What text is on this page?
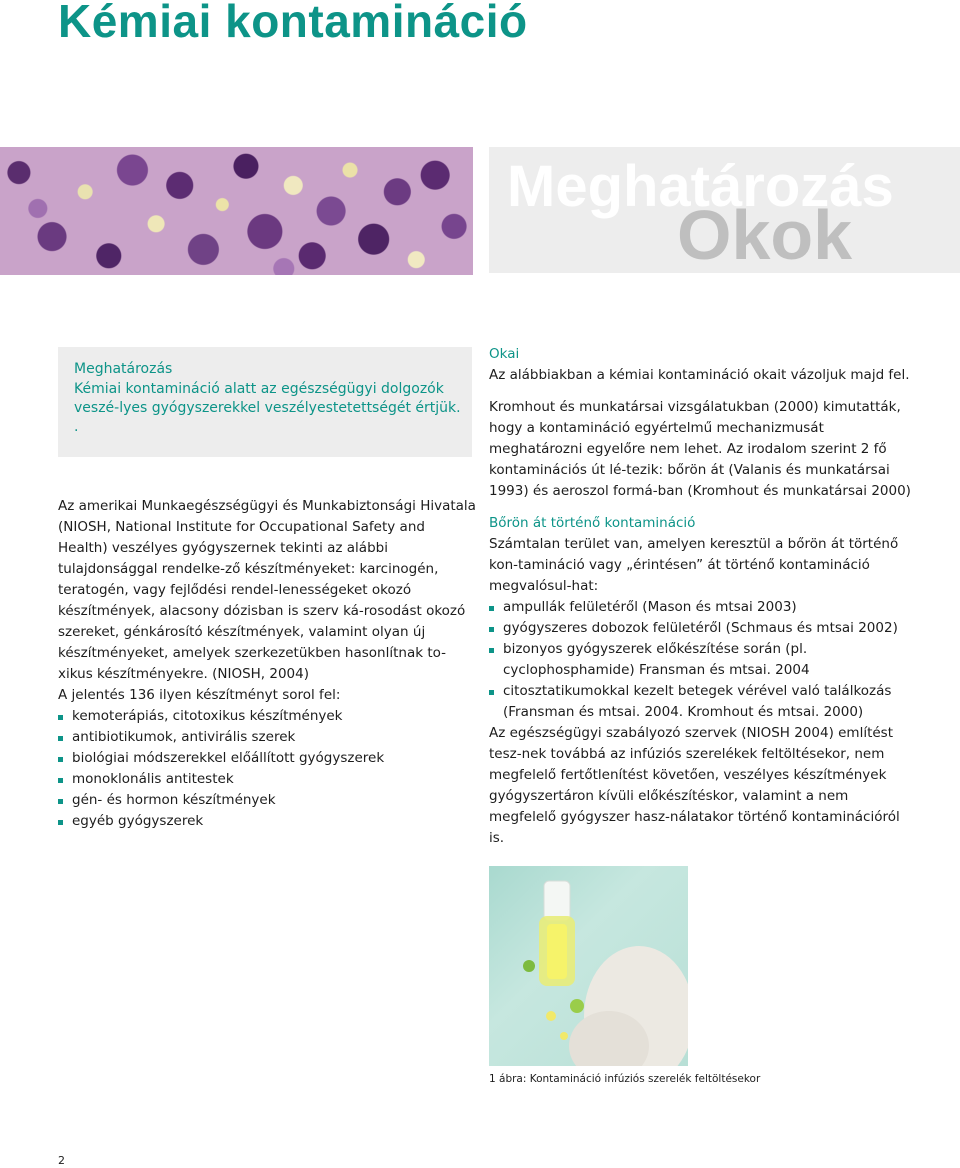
Kémiai kontamináció
Meghatározás
Okok
Meghatározás
Kémiai kontamináció alatt az egészségügyi dolgozók veszé-lyes gyógyszerekkel veszélyestetettségét értjük.
.

Az amerikai Munkaegészségügyi és Munkabiztonsági Hivatala (NIOSH, National Institute for Occupational Safety and Health) veszélyes gyógyszernek tekinti az alábbi tulajdonsággal rendelke-ző készítményeket: karcinogén, teratogén, vagy fejlődési rendel-lenességeket okozó készítmények, alacsony dózisban is szerv ká-rosodást okozó szereket, génkárosító készítmények, valamint olyan új készítményeket, amelyek szerkezetükben hasonlítnak to-xikus készítményekre. (NIOSH, 2004)

A jelentés 136 ilyen készítményt sorol fel:

kemoterápiás, citotoxikus készítmények
antibiotikumok, antivirális szerek
biológiai módszerekkel előállított gyógyszerek
monoklonális antitestek
gén- és hormon készítmények
egyéb gyógyszerek

Okai

Az alábbiakban a kémiai kontamináció okait vázoljuk majd fel.

Kromhout és munkatársai vizsgálatukban (2000) kimutatták, hogy a kontamináció egyértelmű mechanizmusát meghatározni egyelőre nem lehet. Az irodalom szerint 2 fő kontaminációs út lé-tezik: bőrön át (Valanis és munkatársai 1993) és aeroszol formá-ban (Kromhout és munkatársai 2000)

Bőrön át történő kontamináció

Számtalan terület van, amelyen keresztül a bőrön át történő kon-tamináció vagy „érintésen” át történő kontamináció megvalósul-hat:

ampullák felületéről (Mason és mtsai 2003)
gyógyszeres dobozok felületéről (Schmaus és mtsai 2002)
bizonyos gyógyszerek előkészítése során (pl. cyclophosphamide) Fransman és mtsai. 2004
citosztatikumokkal kezelt betegek vérével való találkozás (Fransman és mtsai. 2004. Kromhout és mtsai. 2000)

Az egészségügyi szabályozó szervek (NIOSH 2004) említést tesz-nek továbbá az infúziós szerelékek feltöltésekor, nem megfelelő fertőtlenítést követően, veszélyes készítmények gyógyszertáron kívüli előkészítéskor, valamint a nem megfelelő gyógyszer hasz-nálatakor történő kontaminációról is.

1 ábra: Kontamináció infúziós szerelék feltöltésekor
2
